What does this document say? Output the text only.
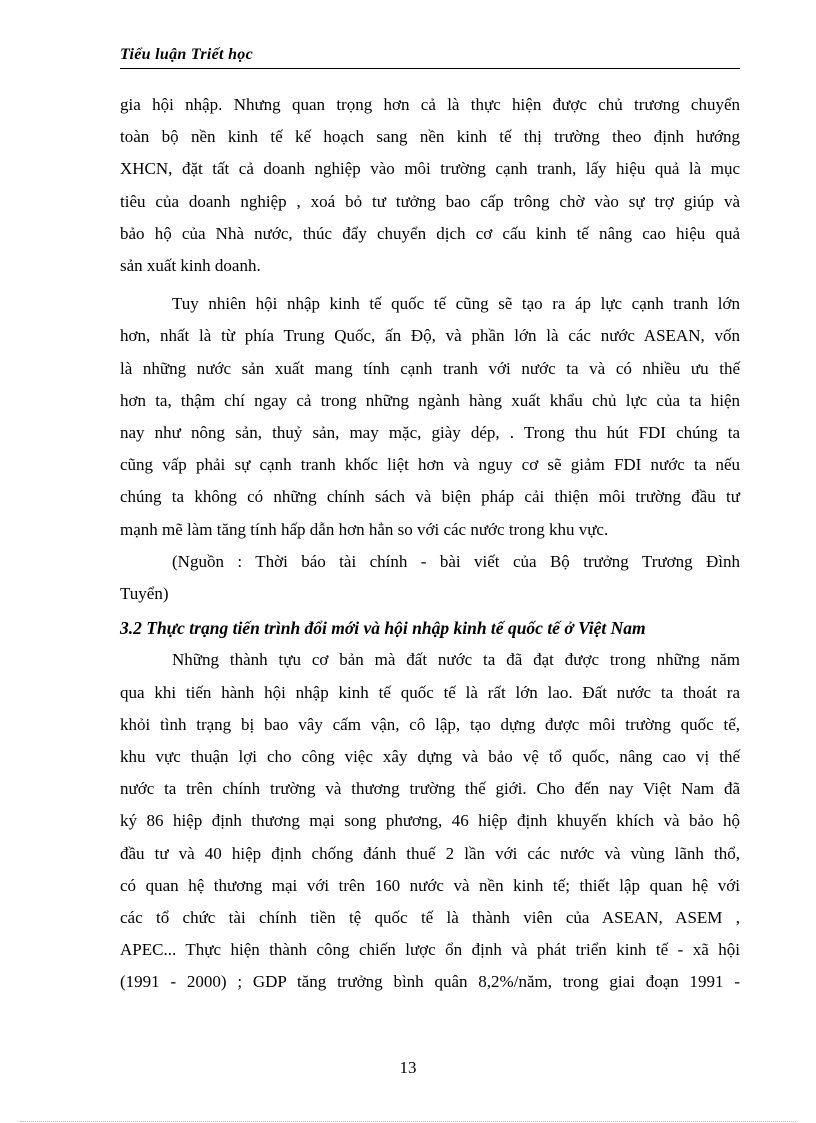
Tiểu luận Triết học
gia hội nhập. Nhưng quan trọng hơn cả là thực hiện được chủ trương chuyển
toàn bộ nền kinh tế kế hoạch sang nền kinh tế thị trường theo định hướng
XHCN, đặt tất cả doanh nghiệp vào môi trường cạnh tranh, lấy hiệu quả là mục
tiêu của doanh nghiệp , xoá bỏ tư tưởng bao cấp trông chờ vào sự trợ giúp và
bảo hộ của Nhà nước, thúc đẩy chuyển dịch cơ cấu kinh tế nâng cao hiệu quả
sản xuất kinh doanh.
Tuy nhiên hội nhập kinh tế quốc tế cũng sẽ tạo ra áp lực cạnh tranh lớn
hơn, nhất là từ phía Trung Quốc, ấn Độ, và phần lớn là các nước ASEAN, vốn
là những nước sản xuất mang tính cạnh tranh với nước ta và có nhiều ưu thế
hơn ta, thậm chí ngay cả trong những ngành hàng xuất khẩu chủ lực của ta hiện
nay như nông sản, thuỷ sản, may mặc, giày dép, . Trong thu hút FDI chúng ta
cũng vấp phải sự cạnh tranh khốc liệt hơn và nguy cơ sẽ giảm FDI nước ta nếu
chúng ta không có những chính sách và biện pháp cải thiện môi trường đầu tư
mạnh mẽ làm tăng tính hấp dẫn hơn hẳn so với các nước trong khu vực.
(Nguồn : Thời báo tài chính - bài viết của Bộ trưởng Trương Đình
Tuyển)
3.2 Thực trạng tiến trình đổi mới và hội nhập kinh tế quốc tế ở Việt Nam
Những thành tựu cơ bản mà đất nước ta đã đạt được trong những năm
qua khi tiến hành hội nhập kinh tế quốc tế là rất lớn lao. Đất nước ta thoát ra
khỏi tình trạng bị bao vây cấm vận, cô lập, tạo dựng được môi trường quốc tế,
khu vực thuận lợi cho công việc xây dựng và bảo vệ tổ quốc, nâng cao vị thế
nước ta trên chính trường và thương trường thế giới. Cho đến nay Việt Nam đã
ký 86 hiệp định thương mại song phương, 46 hiệp định khuyến khích và bảo hộ
đầu tư và 40 hiệp định chống đánh thuế 2 lần với các nước và vùng lãnh thổ,
có quan hệ thương mại với trên 160 nước và nền kinh tế; thiết lập quan hệ với
các tổ chức tài chính tiền tệ quốc tế là thành viên của ASEAN, ASEM ,
APEC... Thực hiện thành công chiến lược ổn định và phát triển kinh tế - xã hội
(1991 - 2000) ; GDP tăng trưởng bình quân 8,2%/năm, trong giai đoạn 1991 -
13
